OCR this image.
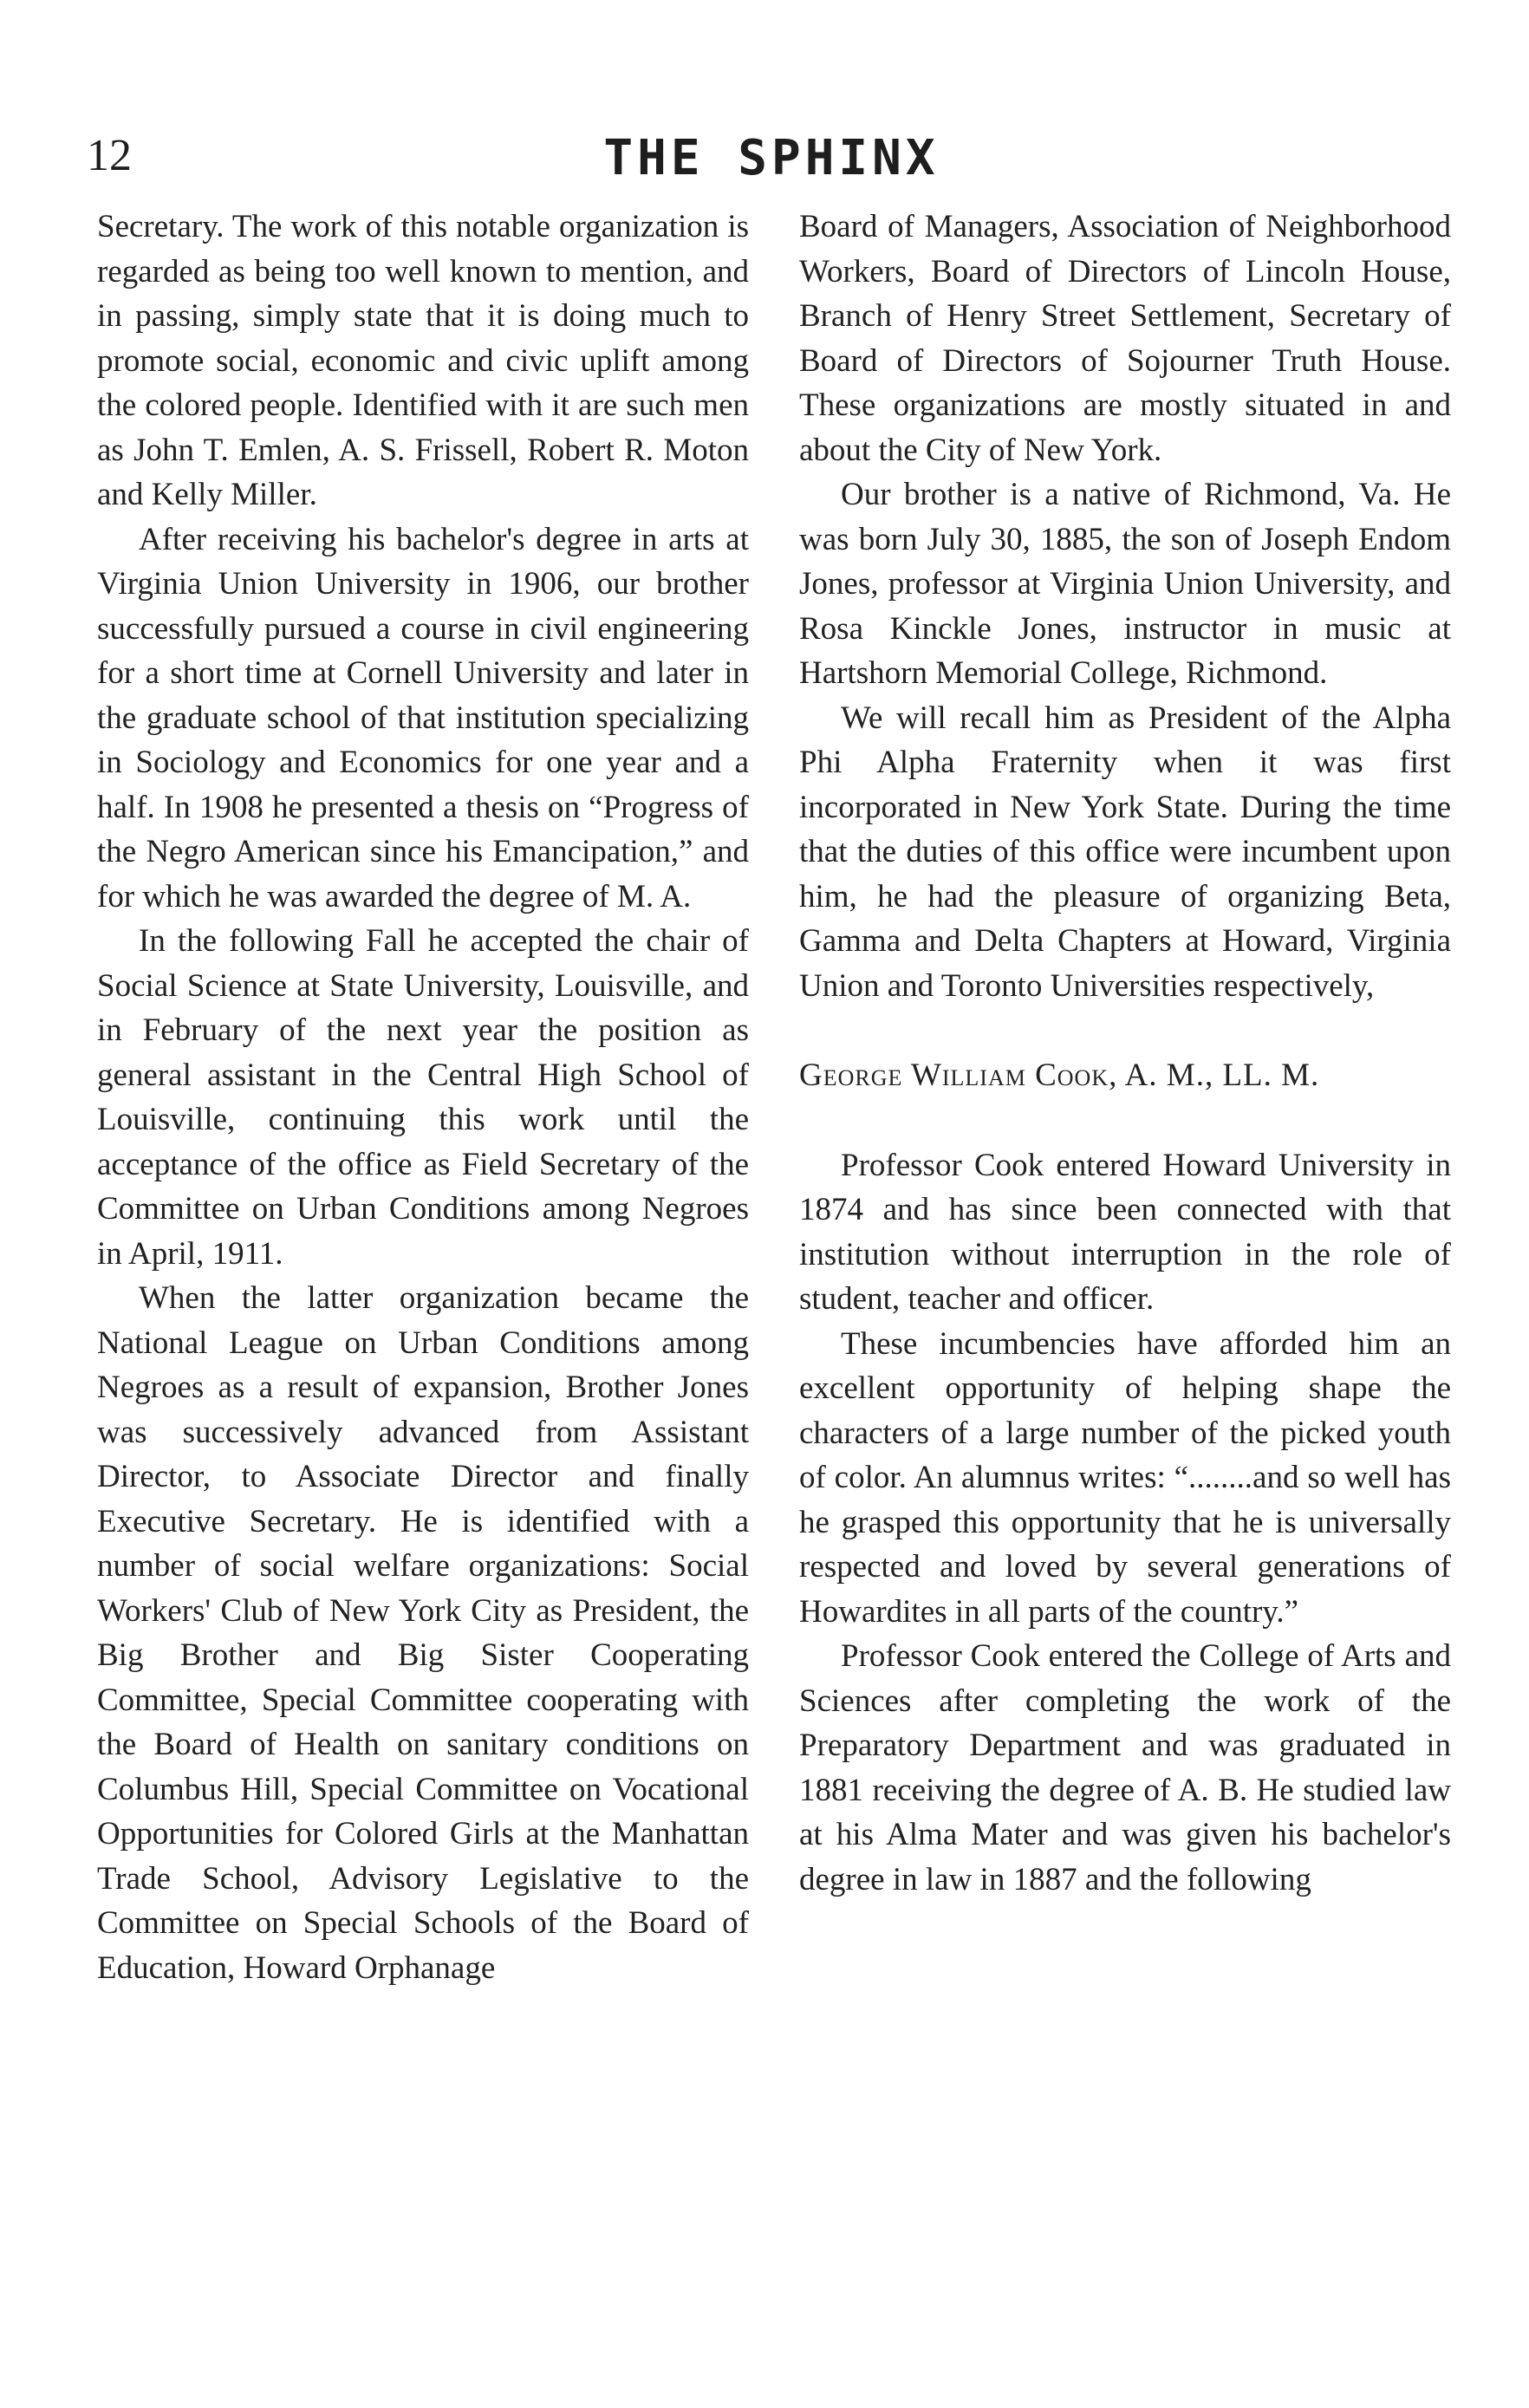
THE SPHINX
12

Secretary. The work of this notable organization is regarded as being too well known to mention, and in passing, simply state that it is doing much to promote social, economic and civic uplift among the colored people. Identified with it are such men as John T. Emlen, A. S. Frissell, Robert R. Moton and Kelly Miller.

After receiving his bachelor's degree in arts at Virginia Union University in 1906, our brother successfully pursued a course in civil engineering for a short time at Cornell University and later in the graduate school of that institution specializing in Sociology and Economics for one year and a half. In 1908 he presented a thesis on “Progress of the Negro American since his Emancipation,” and for which he was awarded the degree of M. A.

In the following Fall he accepted the chair of Social Science at State University, Louisville, and in February of the next year the position as general assistant in the Central High School of Louisville, continuing this work until the acceptance of the office as Field Secretary of the Committee on Urban Conditions among Negroes in April, 1911.

When the latter organization became the National League on Urban Conditions among Negroes as a result of expansion, Brother Jones was successively advanced from Assistant Director, to Associate Director and finally Executive Secretary. He is identified with a number of social welfare organizations: Social Workers' Club of New York City as President, the Big Brother and Big Sister Cooperating Committee, Special Committee cooperating with the Board of Health on sanitary conditions on Columbus Hill, Special Committee on Vocational Opportunities for Colored Girls at the Manhattan Trade School, Advisory Legislative to the Committee on Special Schools of the Board of Education, Howard Orphanage

Board of Managers, Association of Neighborhood Workers, Board of Directors of Lincoln House, Branch of Henry Street Settlement, Secretary of Board of Directors of Sojourner Truth House. These organizations are mostly situated in and about the City of New York.

Our brother is a native of Richmond, Va. He was born July 30, 1885, the son of Joseph Endom Jones, professor at Virginia Union University, and Rosa Kinckle Jones, instructor in music at Hartshorn Memorial College, Richmond.

We will recall him as President of the Alpha Phi Alpha Fraternity when it was first incorporated in New York State. During the time that the duties of this office were incumbent upon him, he had the pleasure of organizing Beta, Gamma and Delta Chapters at Howard, Virginia Union and Toronto Universities respectively,

George William Cook, A. M., LL. M.

Professor Cook entered Howard University in 1874 and has since been connected with that institution without interruption in the role of student, teacher and officer.

These incumbencies have afforded him an excellent opportunity of helping shape the characters of a large number of the picked youth of color. An alumnus writes: “........and so well has he grasped this opportunity that he is universally respected and loved by several generations of Howardites in all parts of the country.”

Professor Cook entered the College of Arts and Sciences after completing the work of the Preparatory Department and was graduated in 1881 receiving the degree of A. B. He studied law at his Alma Mater and was given his bachelor's degree in law in 1887 and the following
